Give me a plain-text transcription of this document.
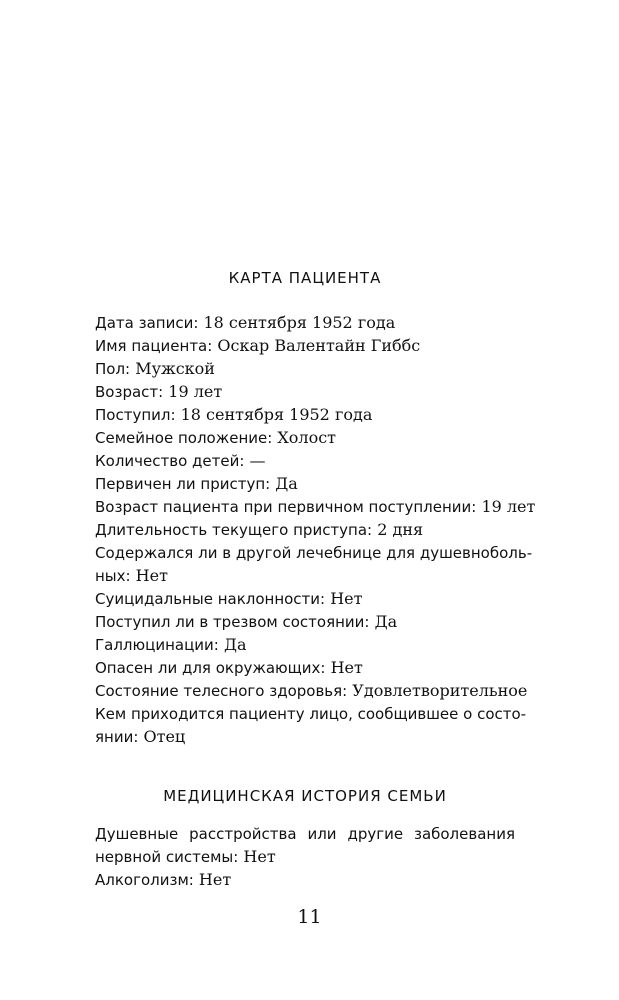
КАРТА ПАЦИЕНТА
Дата записи: 18 сентября 1952 года
Имя пациента: Оскар Валентайн Гиббс
Пол: Мужской
Возраст: 19 лет
Поступил: 18 сентября 1952 года
Семейное положение: Холост
Количество детей: —
Первичен ли приступ: Да
Возраст пациента при первичном поступлении: 19 лет
Длительность текущего приступа: 2 дня
Содержался ли в другой лечебнице для душевноболь-
ных: Нет
Суицидальные наклонности: Нет
Поступил ли в трезвом состоянии: Да
Галлюцинации: Да
Опасен ли для окружающих: Нет
Состояние телесного здоровья: Удовлетворительное
Кем приходится пациенту лицо, сообщившее о состо-
янии: Отец
МЕДИЦИНСКАЯ ИСТОРИЯ СЕМЬИ
Душевные расстройства или другие заболевания
нервной системы: Нет
Алкоголизм: Нет
11
